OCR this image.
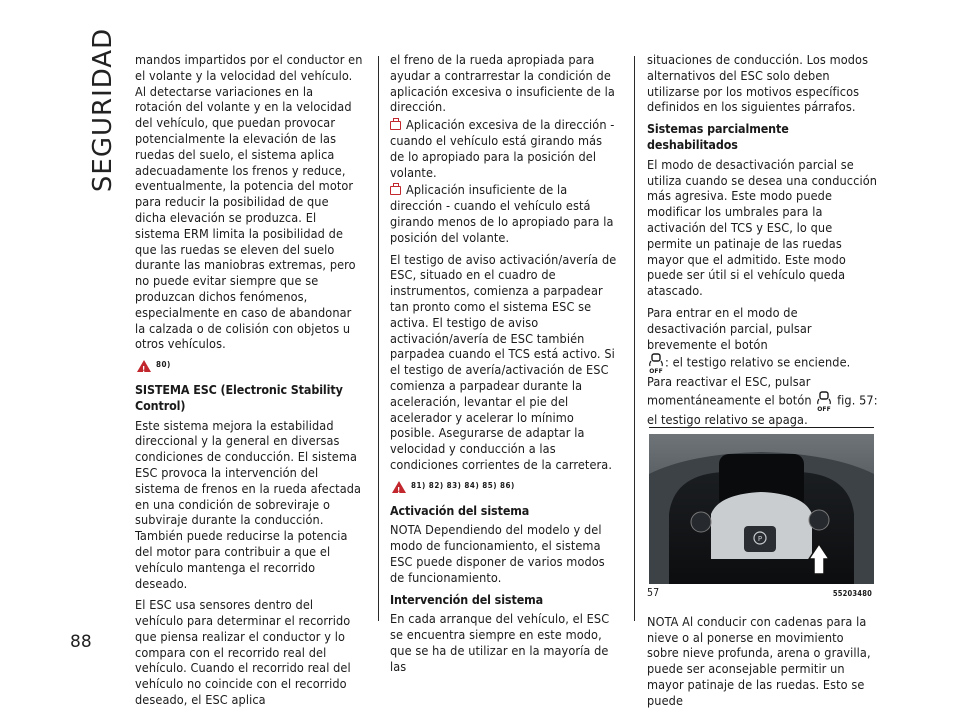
SEGURIDAD mandos impartidos por el conductor en el volante y la velocidad del vehículo. Al detectarse variaciones en la rotación del volante y en la velocidad del vehículo, que puedan provocar potencialmente la elevación de las ruedas del suelo, el sistema aplica adecuadamente los frenos y reduce, eventualmente, la potencia del motor para reducir la posibilidad de que dicha elevación se produzca. El sistema ERM limita la posibilidad de que las ruedas se eleven del suelo durante las maniobras extremas, pero no puede evitar siempre que se produzcan dichos fenómenos, especialmente en caso de abandonar la calzada o de colisión con objetos u otros vehículos.

!
80)
SISTEMA ESC (Electronic Stability Control)

Este sistema mejora la estabilidad direccional y la general en diversas condiciones de conducción. El sistema ESC provoca la intervención del sistema de frenos en la rueda afectada en una condición de sobreviraje o subviraje durante la conducción. También puede reducirse la potencia del motor para contribuir a que el vehículo mantenga el recorrido deseado.

El ESC usa sensores dentro del vehículo para determinar el recorrido que piensa realizar el conductor y lo compara con el recorrido real del vehículo. Cuando el recorrido real del vehículo no coincide con el recorrido deseado, el ESC aplica

el freno de la rueda apropiada para ayudar a contrarrestar la condición de aplicación excesiva o insuficiente de la dirección.

Aplicación excesiva de la dirección - cuando el vehículo está girando más de lo apropiado para la posición del volante.

Aplicación insuficiente de la dirección - cuando el vehículo está girando menos de lo apropiado para la posición del volante.

El testigo de aviso activación/avería de ESC, situado en el cuadro de instrumentos, comienza a parpadear tan pronto como el sistema ESC se activa. El testigo de aviso activación/avería de ESC también parpadea cuando el TCS está activo. Si el testigo de avería/activación de ESC comienza a parpadear durante la aceleración, levantar el pie del acelerador y acelerar lo mínimo posible. Asegurarse de adaptar la velocidad y conducción a las condiciones corrientes de la carretera.

!
81) 82) 83) 84) 85) 86)
Activación del sistema

NOTA Dependiendo del modelo y del modo de funcionamiento, el sistema ESC puede disponer de varios modos de funcionamiento.

Intervención del sistema

En cada arranque del vehículo, el ESC se encuentra siempre en este modo, que se ha de utilizar en la mayoría de las

situaciones de conducción. Los modos alternativos del ESC solo deben utilizarse por los motivos específicos definidos en los siguientes párrafos.

Sistemas parcialmente deshabilitados

El modo de desactivación parcial se utiliza cuando se desea una conducción más agresiva. Este modo puede modificar los umbrales para la activación del TCS y ESC, lo que permite un patinaje de las ruedas mayor que el admitido. Este modo puede ser útil si el vehículo queda atascado.

Para entrar en el modo de desactivación parcial, pulsar brevemente el botón

OFF
: el testigo relativo se enciende.
Para reactivar el ESC, pulsar momentáneamente el botón
OFF
fig. 57: el testigo relativo se apaga.

P
57	55203480

NOTA Al conducir con cadenas para la nieve o al ponerse en movimiento sobre nieve profunda, arena o gravilla, puede ser aconsejable permitir un mayor patinaje de las ruedas. Esto se puede

88
